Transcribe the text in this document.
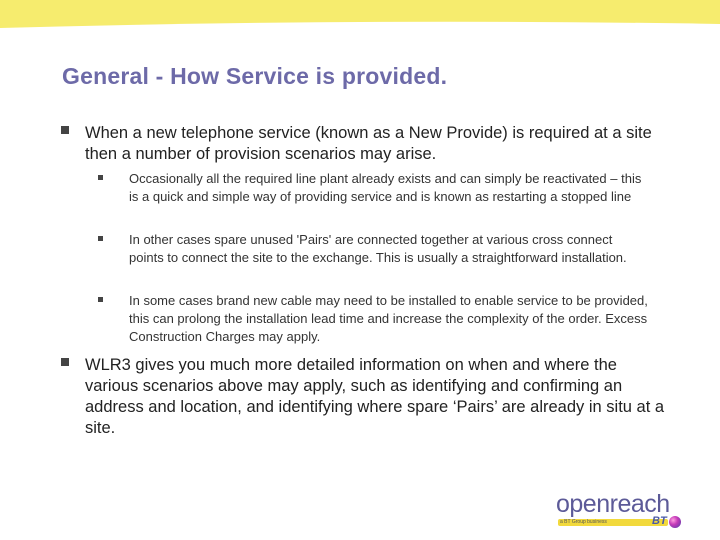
General - How Service is provided.
When a new telephone service (known as a New Provide) is required at a site then a number of provision scenarios may arise.
Occasionally all the required line plant already exists and can simply be reactivated – this is a quick and simple way of providing service and is known as restarting a stopped line
In other cases spare unused 'Pairs' are connected together at various cross connect points to connect the site to the exchange. This is usually a straightforward installation.
In some cases brand new cable may need to be installed to enable service to be provided, this can prolong the installation lead time and increase the complexity of the order. Excess Construction Charges may apply.
WLR3 gives you much more detailed information on when and where the various scenarios above may apply, such as identifying and confirming an address and location, and identifying where spare ‘Pairs’ are already in situ at a site.
openreach
a BT Group business	BT
